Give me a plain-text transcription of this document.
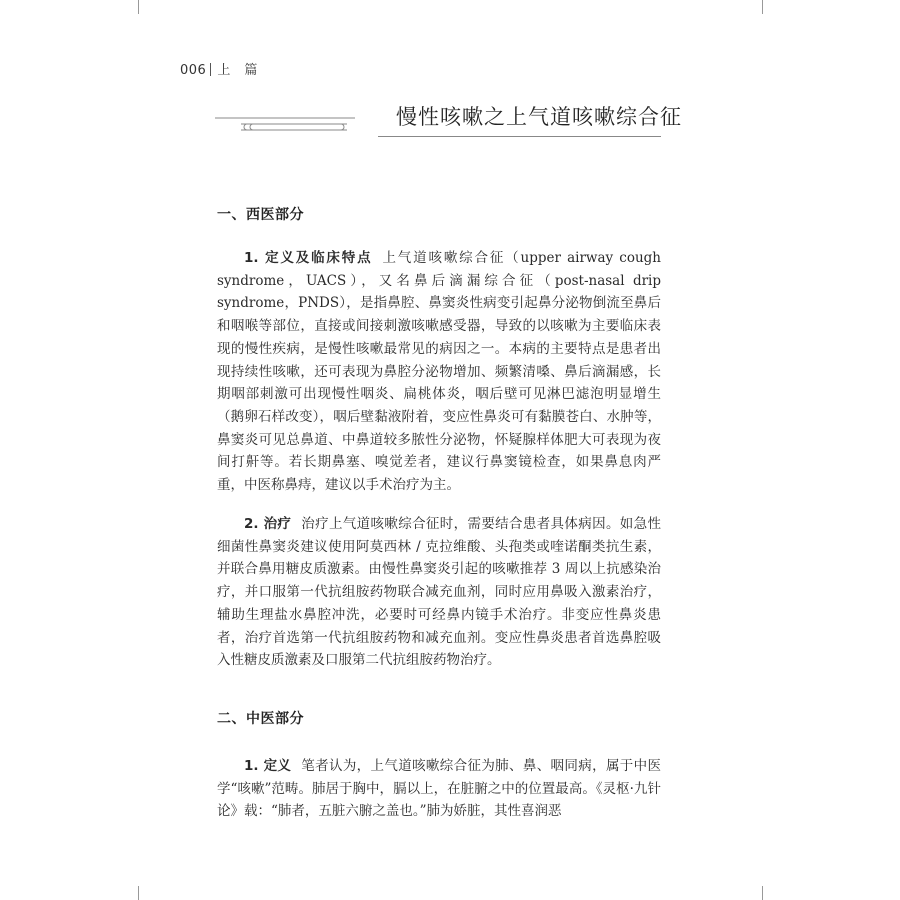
006 上　篇
慢性咳嗽之上气道咳嗽综合征
一、西医部分
1. 定义及临床特点 上气道咳嗽综合征（upper airway cough syndrome，UACS），又名鼻后滴漏综合征（post-nasal drip syndrome，PNDS），是指鼻腔、鼻窦炎性病变引起鼻分泌物倒流至鼻后和咽喉等部位，直接或间接刺激咳嗽感受器，导致的以咳嗽为主要临床表现的慢性疾病，是慢性咳嗽最常见的病因之一。本病的主要特点是患者出现持续性咳嗽，还可表现为鼻腔分泌物增加、频繁清嗓、鼻后滴漏感，长期咽部刺激可出现慢性咽炎、扁桃体炎，咽后壁可见淋巴滤泡明显增生（鹅卵石样改变），咽后壁黏液附着，变应性鼻炎可有黏膜苍白、水肿等，鼻窦炎可见总鼻道、中鼻道较多脓性分泌物，怀疑腺样体肥大可表现为夜间打鼾等。若长期鼻塞、嗅觉差者，建议行鼻窦镜检查，如果鼻息肉严重，中医称鼻痔，建议以手术治疗为主。
2. 治疗 治疗上气道咳嗽综合征时，需要结合患者具体病因。如急性细菌性鼻窦炎建议使用阿莫西林 / 克拉维酸、头孢类或喹诺酮类抗生素，并联合鼻用糖皮质激素。由慢性鼻窦炎引起的咳嗽推荐 3 周以上抗感染治疗，并口服第一代抗组胺药物联合减充血剂，同时应用鼻吸入激素治疗，辅助生理盐水鼻腔冲洗，必要时可经鼻内镜手术治疗。非变应性鼻炎患者，治疗首选第一代抗组胺药物和减充血剂。变应性鼻炎患者首选鼻腔吸入性糖皮质激素及口服第二代抗组胺药物治疗。
二、中医部分
1. 定义 笔者认为，上气道咳嗽综合征为肺、鼻、咽同病，属于中医学“咳嗽”范畴。肺居于胸中，膈以上，在脏腑之中的位置最高。《灵枢·九针论》载：“肺者，五脏六腑之盖也。”肺为娇脏，其性喜润恶
